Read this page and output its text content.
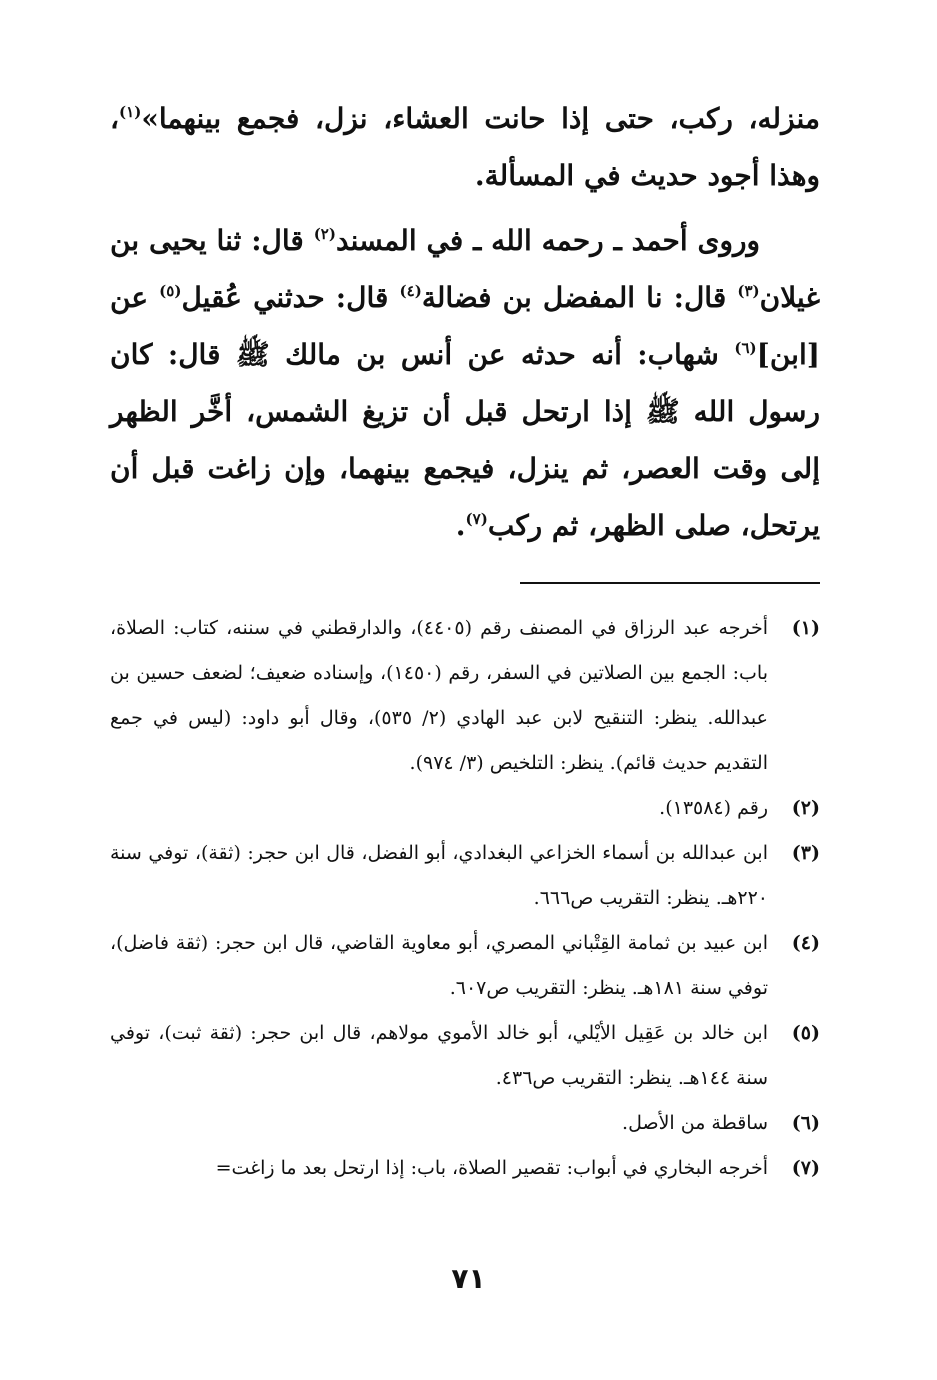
منزله، ركب، حتى إذا حانت العشاء، نزل، فجمع بينهما»$^{(١)}$، وهذا أجود حديث في المسألة.

وروى أحمد ـ رحمه الله ـ في المسند$^{(٢)}$ قال: ثنا يحيى بن غيلان$^{(٣)}$ قال: نا المفضل بن فضالة$^{(٤)}$ قال: حدثني عُقيل$^{(٥)}$ عن [ابن]$^{(٦)}$ شهاب: أنه حدثه عن أنس بن مالك ﷺ قال: كان رسول الله ﷺ إذا ارتحل قبل أن تزيغ الشمس، أخَّر الظهر إلى وقت العصر، ثم ينزل، فيجمع بينهما، وإن زاغت قبل أن يرتحل، صلى الظهر، ثم ركب$^{(٧)}$.

(١)
أخرجه عبد الرزاق في المصنف رقم (٤٤٠٥)، والدارقطني في سننه، كتاب: الصلاة، باب: الجمع بين الصلاتين في السفر، رقم (١٤٥٠)، وإسناده ضعيف؛ لضعف حسين بن عبدالله. ينظر: التنقيح لابن عبد الهادي (٢/ ٥٣٥)، وقال أبو داود: (ليس في جمع التقديم حديث قائم). ينظر: التلخيص (٣/ ٩٧٤).
(٢)
رقم (١٣٥٨٤).
(٣)
ابن عبدالله بن أسماء الخزاعي البغدادي، أبو الفضل، قال ابن حجر: (ثقة)، توفي سنة ٢٢٠هـ. ينظر: التقريب ص٦٦٦.
(٤)
ابن عبيد بن ثمامة القِتْباني المصري، أبو معاوية القاضي، قال ابن حجر: (ثقة فاضل)، توفي سنة ١٨١هـ. ينظر: التقريب ص٦٠٧.
(٥)
ابن خالد بن عَقِيل الأيْلي، أبو خالد الأموي مولاهم، قال ابن حجر: (ثقة ثبت)، توفي سنة ١٤٤هـ. ينظر: التقريب ص٤٣٦.
(٦)
ساقطة من الأصل.
(٧)
أخرجه البخاري في أبواب: تقصير الصلاة، باب: إذا ارتحل بعد ما زاغت=
٧١
